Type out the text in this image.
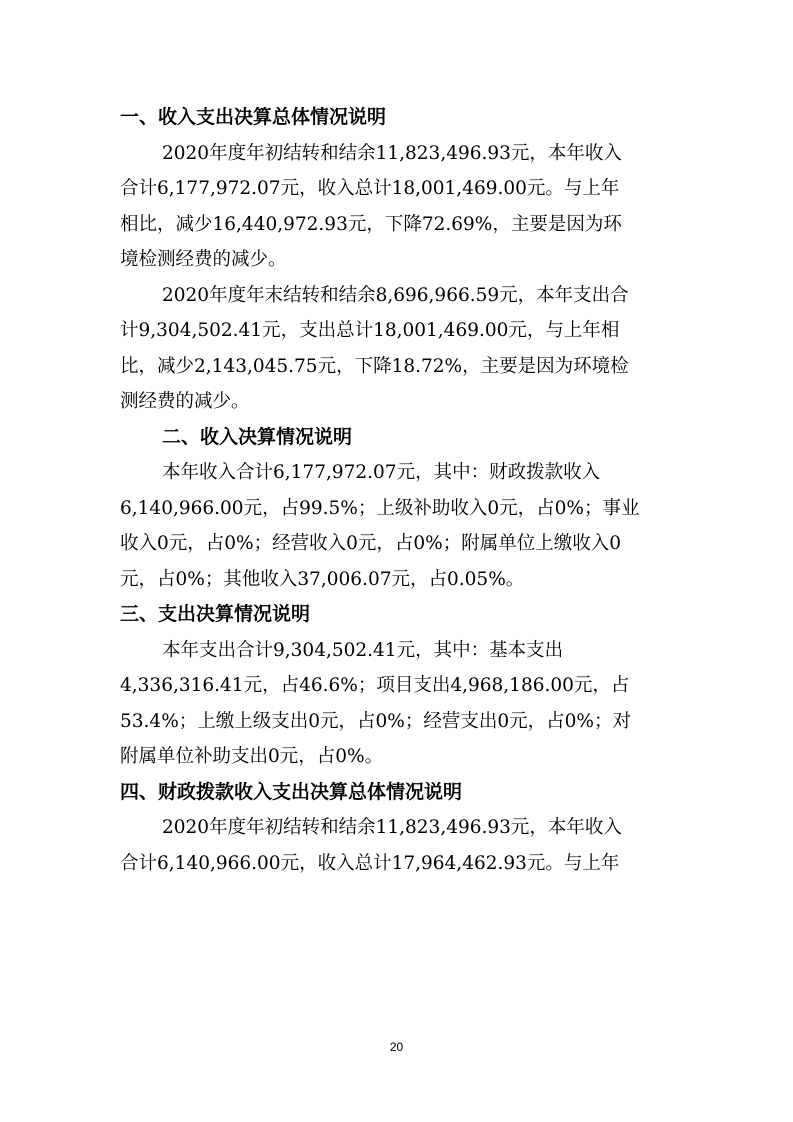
一、收入支出决算总体情况说明
2020年度年初结转和结余11,823,496.93元，本年收入
合计6,177,972.07元，收入总计18,001,469.00元。与上年
相比，减少16,440,972.93元，下降72.69%，主要是因为环
境检测经费的减少。
2020年度年末结转和结余8,696,966.59元，本年支出合
计9,304,502.41元，支出总计18,001,469.00元，与上年相
比，减少2,143,045.75元，下降18.72%，主要是因为环境检
测经费的减少。
二、收入决算情况说明
本年收入合计6,177,972.07元，其中：财政拨款收入
6,140,966.00元，占99.5%；上级补助收入0元，占0%；事业
收入0元，占0%；经营收入0元，占0%；附属单位上缴收入0
元，占0%；其他收入37,006.07元，占0.05%。
三、支出决算情况说明
本年支出合计9,304,502.41元，其中：基本支出
4,336,316.41元，占46.6%；项目支出4,968,186.00元，占
53.4%；上缴上级支出0元，占0%；经营支出0元，占0%；对
附属单位补助支出0元，占0%。
四、财政拨款收入支出决算总体情况说明
2020年度年初结转和结余11,823,496.93元，本年收入
合计6,140,966.00元，收入总计17,964,462.93元。与上年
20
